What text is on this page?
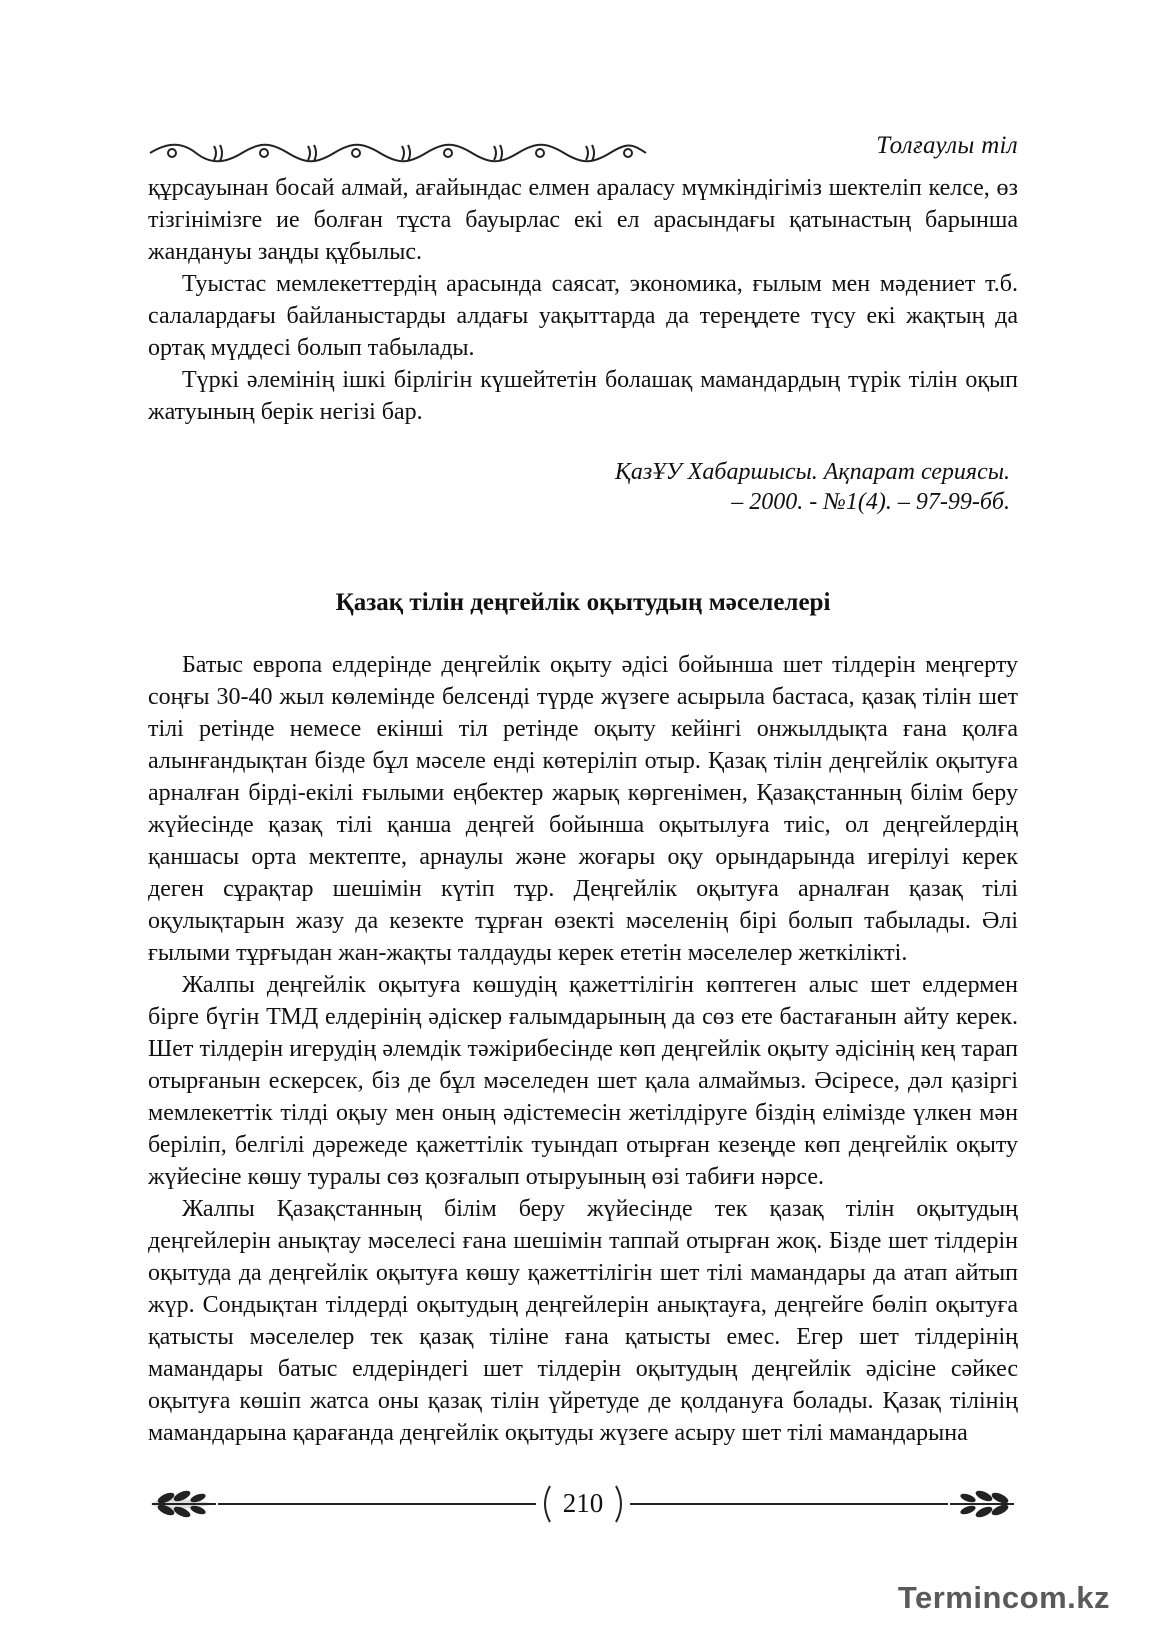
Толғаулы тіл

құрсауынан босай алмай, ағайындас елмен араласу мүмкіндігіміз шектеліп келсе, өз тізгінімізге ие болған тұста бауырлас екі ел арасындағы қатынастың барынша жандануы заңды құбылыс.

Туыстас мемлекеттердің арасында саясат, экономика, ғылым мен мәдениет т.б. салалардағы байланыстарды алдағы уақыттарда да тереңдете түсу екі жақтың да ортақ мүддесі болып табылады.

Түркі әлемінің ішкі бірлігін күшейтетін болашақ мамандардың түрік тілін оқып жатуының берік негізі бар.

ҚазҰУ Хабаршысы. Ақпарат сериясы.
– 2000. - №1(4). – 97-99-бб.
Қазақ тілін деңгейлік оқытудың мәселелері

Батыс европа елдерінде деңгейлік оқыту әдісі бойынша шет тілдерін меңгерту соңғы 30-40 жыл көлемінде белсенді түрде жүзеге асырыла бастаса, қазақ тілін шет тілі ретінде немесе екінші тіл ретінде оқыту кейінгі онжылдықта ғана қолға алынғандықтан бізде бұл мәселе енді көтеріліп отыр. Қазақ тілін деңгейлік оқытуға арналған бірді-екілі ғылыми еңбектер жарық көргенімен, Қазақстанның білім беру жүйесінде қазақ тілі қанша деңгей бойынша оқытылуға тиіс, ол деңгейлердің қаншасы орта мектепте, арнаулы және жоғары оқу орындарында игерілуі керек деген сұрақтар шешімін күтіп тұр. Деңгейлік оқытуға арналған қазақ тілі оқулықтарын жазу да кезекте тұрған өзекті мәселенің бірі болып табылады. Әлі ғылыми тұрғыдан жан-жақты талдауды керек ететін мәселелер жеткілікті.

Жалпы деңгейлік оқытуға көшудің қажеттілігін көптеген алыс шет елдермен бірге бүгін ТМД елдерінің әдіскер ғалымдарының да сөз ете бастағанын айту керек. Шет тілдерін игерудің әлемдік тәжірибесінде көп деңгейлік оқыту әдісінің кең тарап отырғанын ескерсек, біз де бұл мәселеден шет қала алмаймыз. Әсіресе, дәл қазіргі мемлекеттік тілді оқыу мен оның әдістемесін жетілдіруге біздің елімізде үлкен мән беріліп, белгілі дәрежеде қажеттілік туындап отырған кезеңде көп деңгейлік оқыту жүйесіне көшу туралы сөз қозғалып отыруының өзі табиғи нәрсе.

Жалпы Қазақстанның білім беру жүйесінде тек қазақ тілін оқытудың деңгейлерін анықтау мәселесі ғана шешімін таппай отырған жоқ. Бізде шет тілдерін оқытуда да деңгейлік оқытуға көшу қажеттілігін шет тілі мамандары да атап айтып жүр. Сондықтан тілдерді оқытудың деңгейлерін анықтауға, деңгейге бөліп оқытуға қатысты мәселелер тек қазақ тіліне ғана қатысты емес. Егер шет тілдерінің мамандары батыс елдеріндегі шет тілдерін оқытудың деңгейлік әдісіне сәйкес оқытуға көшіп жатса оны қазақ тілін үйретуде де қолдануға болады. Қазақ тілінің мамандарына қарағанда деңгейлік оқытуды жүзеге асыру шет тілі мамандарына

210
Termincom.kz
